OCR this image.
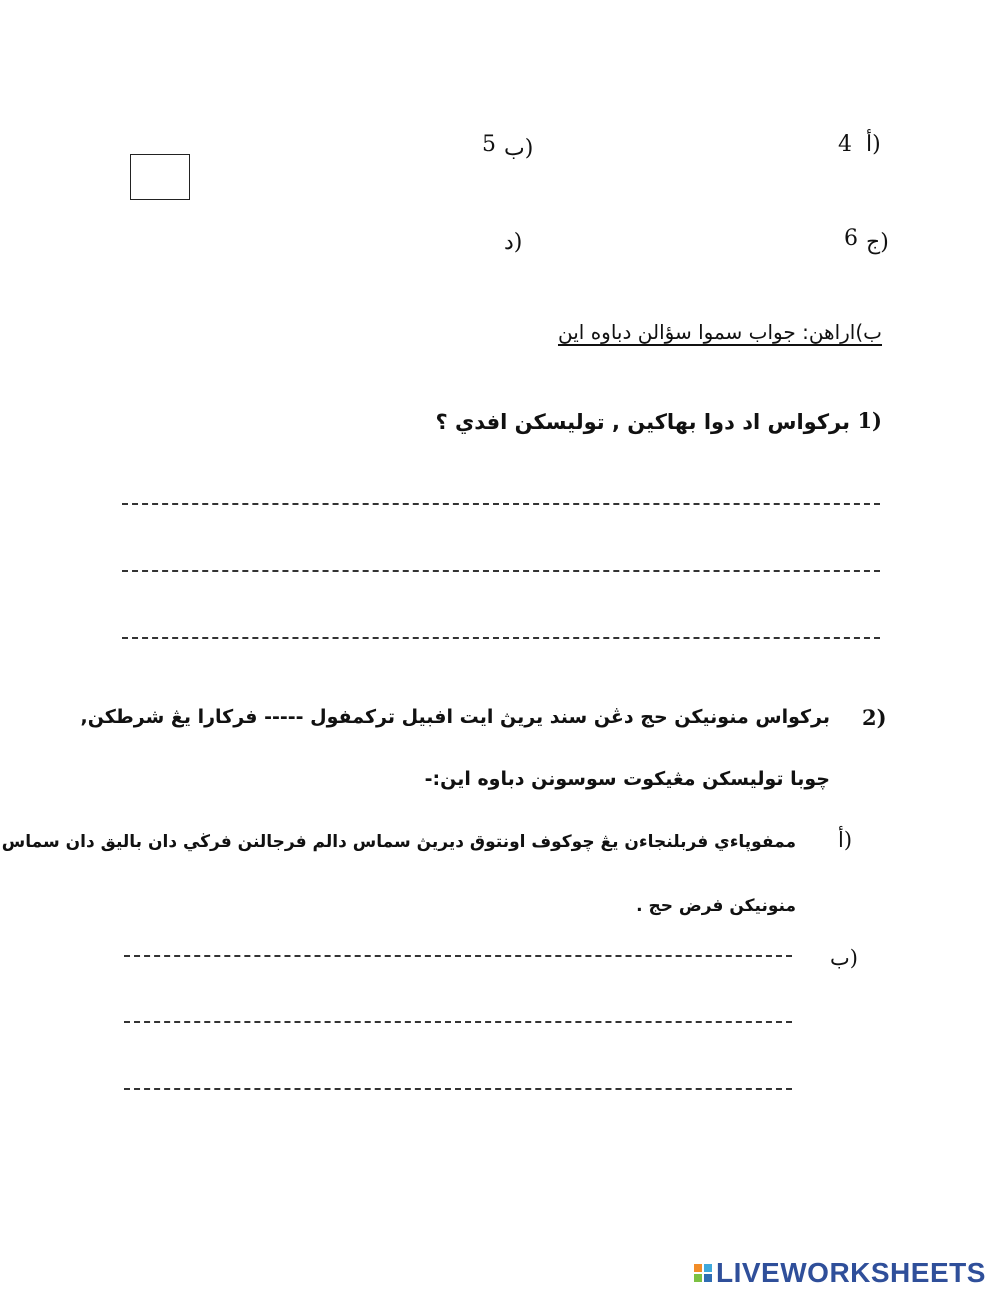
أ)
4
ب)
5
ج)
6
د)
ب)اراهن: جواب سموا سؤالن دباوه اين
1)
بركواس اد دوا بهاكين , توليسكن افدي ؟
2)
بركواس منونيكن حج دڠن سند يريڽ ايت افبيل تركمفول ----- فركارا يڠ شرطكن,
چوبا توليسكن مڠيكوت سوسونن دباوه اين:-
أ)
ممفوڽاءي فربلنجاءن يڠ چوكوف اونتوق ديريڽ سماس دالم فرجالنن فرڬي دان باليق دان سماس
منونيكن فرض حج .
ب)
LIVEWORKSHEETS
